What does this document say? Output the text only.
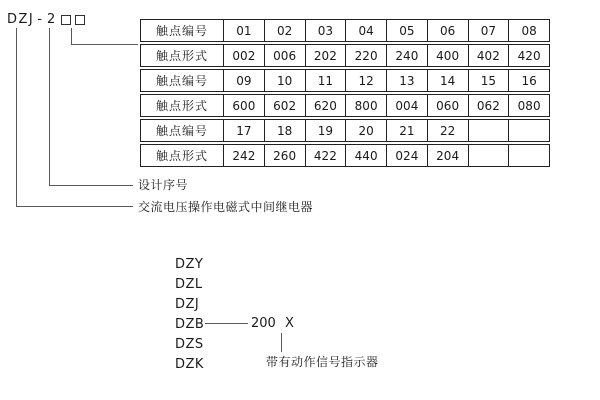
DZJ - 2
触点编号	01	02	03	04	05	06	07	08
触点形式	002	006	202	220	240	400	402	420
触点编号	09	10	11	12	13	14	15	16
触点形式	600	602	620	800	004	060	062	080
触点编号	17	18	19	20	21	22
触点形式	242	260	422	440	024	204
设计序号
交流电压操作电磁式中间继电器
DZY
DZL
DZJ
DZB
DZS
DZK
200 X
带有动作信号指示器
